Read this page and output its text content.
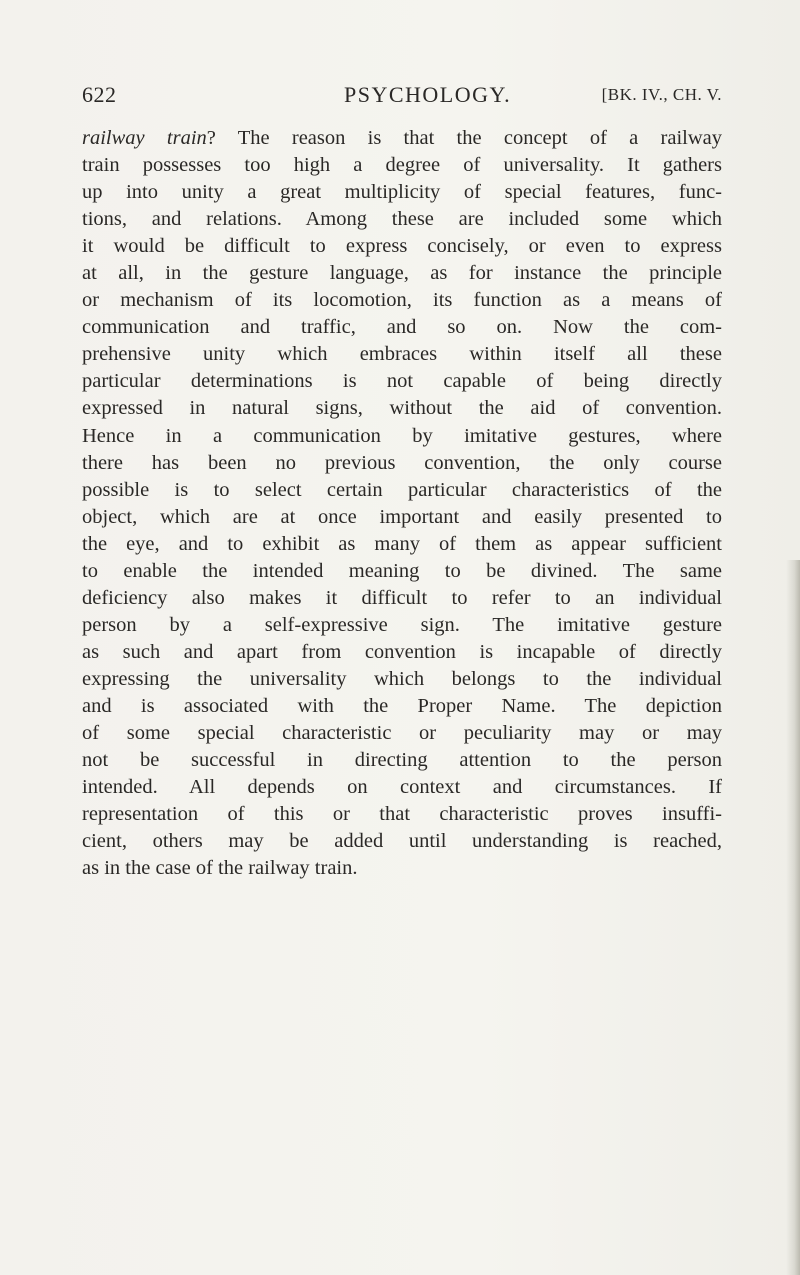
622	PSYCHOLOGY.	[BK. IV., CH. V.
railway train? The reason is that the concept of a railway
train possesses too high a degree of universality. It gathers
up into unity a great multiplicity of special features, func-
tions, and relations. Among these are included some which
it would be difficult to express concisely, or even to express
at all, in the gesture language, as for instance the principle
or mechanism of its locomotion, its function as a means of
communication and traffic, and so on. Now the com-
prehensive unity which embraces within itself all these
particular determinations is not capable of being directly
expressed in natural signs, without the aid of convention.
Hence in a communication by imitative gestures, where
there has been no previous convention, the only course
possible is to select certain particular characteristics of the
object, which are at once important and easily presented to
the eye, and to exhibit as many of them as appear sufficient
to enable the intended meaning to be divined. The same
deficiency also makes it difficult to refer to an individual
person by a self-expressive sign. The imitative gesture
as such and apart from convention is incapable of directly
expressing the universality which belongs to the individual
and is associated with the Proper Name. The depiction
of some special characteristic or peculiarity may or may
not be successful in directing attention to the person
intended. All depends on context and circumstances. If
representation of this or that characteristic proves insuffi-
cient, others may be added until understanding is reached,
as in the case of the railway train.
